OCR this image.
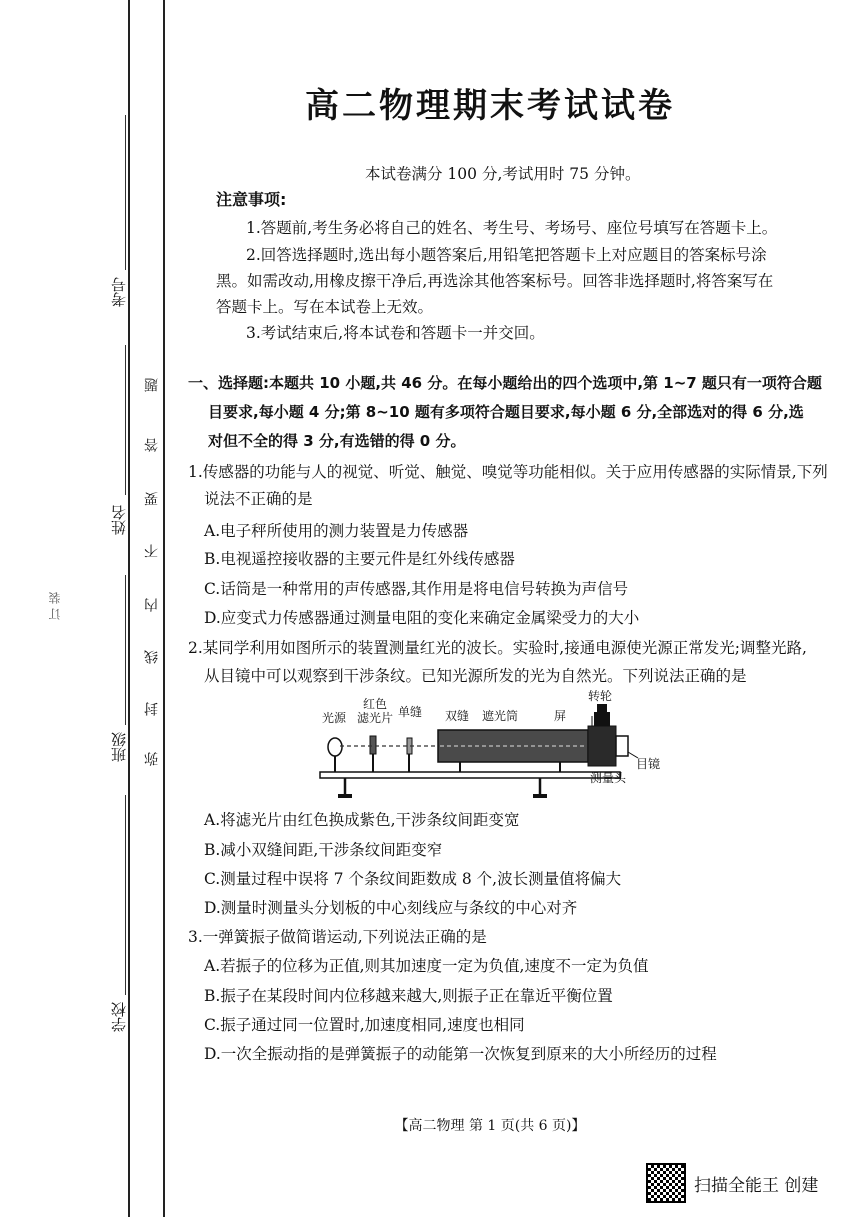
考号
姓名
班级
学校
订 装
题
答
要
不
内
线
封
弥
高二物理期末考试试卷
本试卷满分 100 分,考试用时 75 分钟。
注意事项:
1.答题前,考生务必将自己的姓名、考生号、考场号、座位号填写在答题卡上。
2.回答选择题时,选出每小题答案后,用铅笔把答题卡上对应题目的答案标号涂
黑。如需改动,用橡皮擦干净后,再选涂其他答案标号。回答非选择题时,将答案写在
答题卡上。写在本试卷上无效。
3.考试结束后,将本试卷和答题卡一并交回。
一、选择题:本题共 10 小题,共 46 分。在每小题给出的四个选项中,第 1~7 题只有一项符合题
目要求,每小题 4 分;第 8~10 题有多项符合题目要求,每小题 6 分,全部选对的得 6 分,选
对但不全的得 3 分,有选错的得 0 分。
1.传感器的功能与人的视觉、听觉、触觉、嗅觉等功能相似。关于应用传感器的实际情景,下列
说法不正确的是
A.电子秤所使用的测力装置是力传感器
B.电视遥控接收器的主要元件是红外线传感器
C.话筒是一种常用的声传感器,其作用是将电信号转换为声信号
D.应变式力传感器通过测量电阻的变化来确定金属梁受力的大小
2.某同学利用如图所示的装置测量红光的波长。实验时,接通电源使光源正常发光;调整光路,
从目镜中可以观察到干涉条纹。已知光源所发的光为自然光。下列说法正确的是
光源
红色
滤光片 单缝 双缝 遮光筒	屏
转轮
目镜
测量头
A.将滤光片由红色换成紫色,干涉条纹间距变宽
B.减小双缝间距,干涉条纹间距变窄
C.测量过程中误将 7 个条纹间距数成 8 个,波长测量值将偏大
D.测量时测量头分划板的中心刻线应与条纹的中心对齐
3.一弹簧振子做简谐运动,下列说法正确的是
A.若振子的位移为正值,则其加速度一定为负值,速度不一定为负值
B.振子在某段时间内位移越来越大,则振子正在靠近平衡位置
C.振子通过同一位置时,加速度相同,速度也相同
D.一次全振动指的是弹簧振子的动能第一次恢复到原来的大小所经历的过程
【高二物理 第 1 页(共 6 页)】
扫描全能王 创建
